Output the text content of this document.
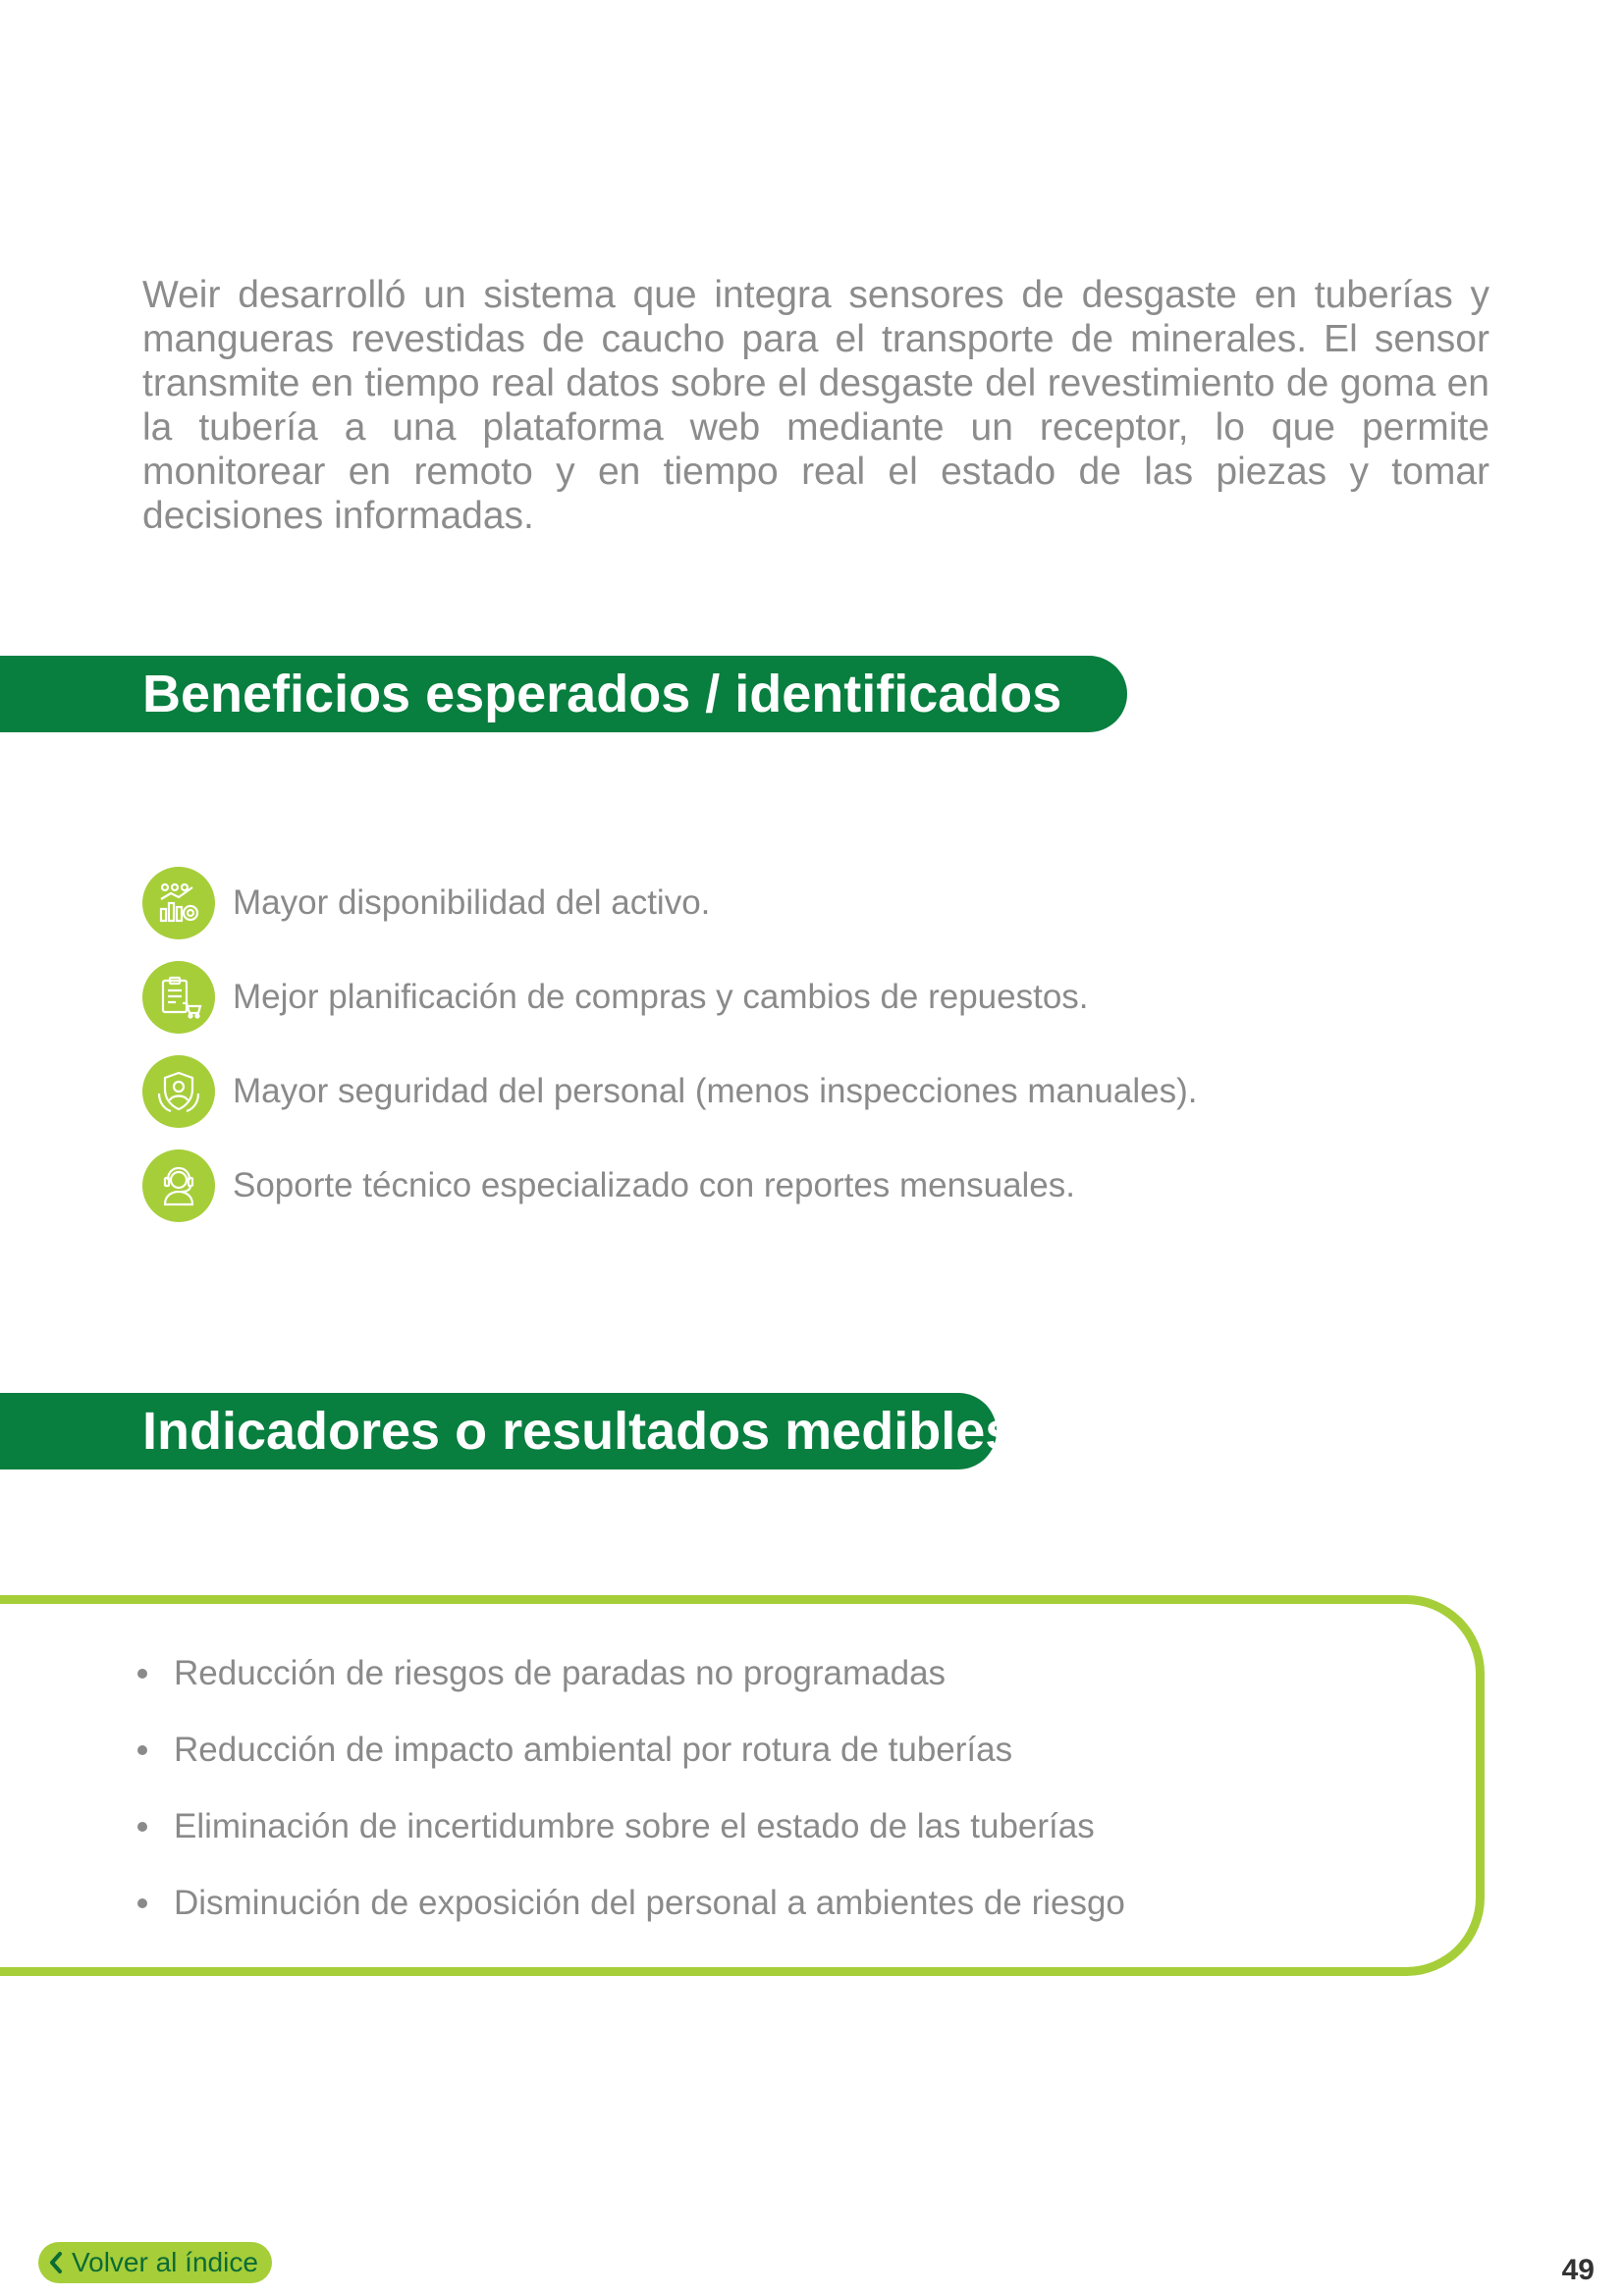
Weir desarrolló un sistema que integra sensores de desgaste en tuberías y mangueras revestidas de caucho para el transporte de minerales. El sensor transmite en tiempo real datos sobre el desgaste del revestimiento de goma en la tubería a una plataforma web mediante un receptor, lo que permite monitorear en remoto y en tiempo real el estado de las piezas y tomar decisiones informadas.

Beneficios esperados / identificados
Mayor disponibilidad del activo.
Mejor planificación de compras y cambios de repuestos.
Mayor seguridad del personal (menos inspecciones manuales).
Soporte técnico especializado con reportes mensuales.
Indicadores o resultados medibles
Reducción de riesgos de paradas no programadas
Reducción de impacto ambiental por rotura de tuberías
Eliminación de incertidumbre sobre el estado de las tuberías
Disminución de exposición del personal a ambientes de riesgo
Volver al índice	49
